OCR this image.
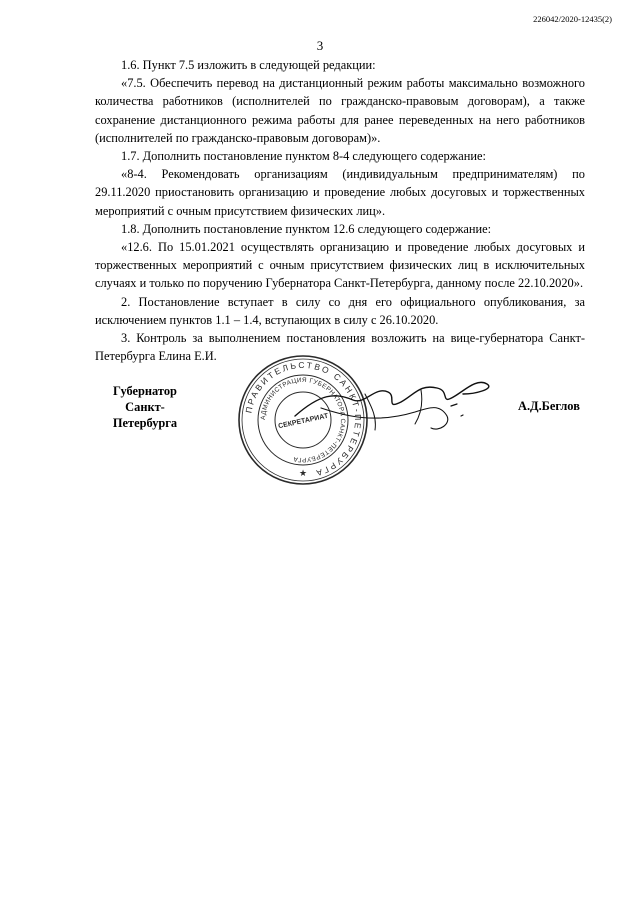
226042/2020-12435(2)
3

1.6. Пункт 7.5 изложить в следующей редакции:

«7.5. Обеспечить перевод на дистанционный режим работы максимально возможного количества работников (исполнителей по гражданско-правовым договорам), а также сохранение дистанционного режима работы для ранее переведенных на него работников (исполнителей по гражданско-правовым договорам)».

1.7. Дополнить постановление пунктом 8-4 следующего содержание:

«8-4. Рекомендовать организациям (индивидуальным предпринимателям) по 29.11.2020 приостановить организацию и проведение любых досуговых и торжественных мероприятий с очным присутствием физических лиц».

1.8. Дополнить постановление пунктом 12.6 следующего содержание:

«12.6. По 15.01.2021 осуществлять организацию и проведение любых досуговых и торжественных мероприятий с очным присутствием физических лиц в исключительных случаях и только по поручению Губернатора Санкт-Петербурга, данному после 22.10.2020».

2. Постановление вступает в силу со дня его официального опубликования, за исключением пунктов 1.1 – 1.4, вступающих в силу с 26.10.2020.

3. Контроль за выполнением постановления возложить на вице-губернатора Санкт-Петербурга Елина Е.И.

Губернатор
Санкт-Петербурга
ПРАВИТЕЛЬСТВО САНКТ-ПЕТЕРБУРГА
АДМИНИСТРАЦИЯ ГУБЕРНАТОРА САНКТ-ПЕТЕРБУРГА
СЕКРЕТАРИАТ
★
А.Д.Беглов
